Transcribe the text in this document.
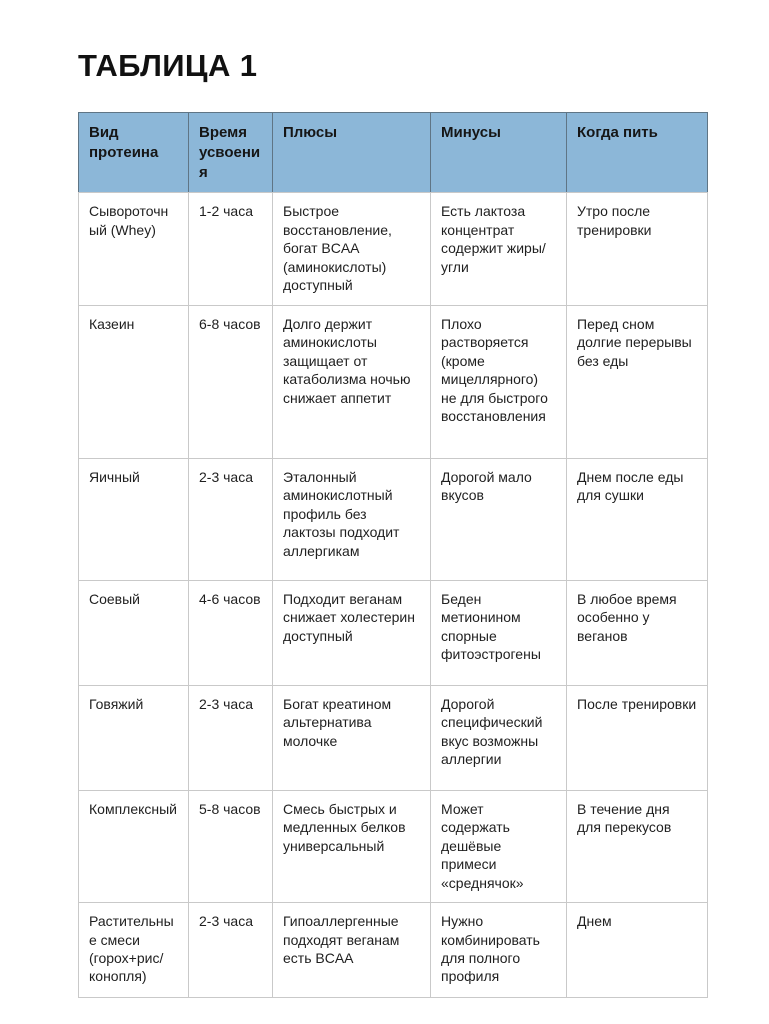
ТАБЛИЦА 1
Вид протеина	Время усвоения	Плюсы	Минусы	Когда пить
Сывороточный (Whey)	1-2 часа	Быстрое восстановление, богат BCAA (аминокислоты) доступный	Есть лактоза концентрат содержит жиры/угли	Утро после тренировки
Казеин	6-8 часов	Долго держит аминокислоты защищает от катаболизма ночью снижает аппетит	Плохо растворяется (кроме мицеллярного) не для быстрого восстановления	Перед сном долгие перерывы без еды
Яичный	2-3 часа	Эталонный аминокислотный профиль без лактозы подходит аллергикам	Дорогой мало вкусов	Днем после еды для сушки
Соевый	4-6 часов	Подходит веганам снижает холестерин доступный	Беден метионином спорные фитоэстрогены	В любое время особенно у веганов
Говяжий	2-3 часа	Богат креатином альтернатива молочке	Дорогой специфический вкус возможны аллергии	После тренировки
Комплексный	5-8 часов	Смесь быстрых и медленных белков универсальный	Может содержать дешёвые примеси «среднячок»	В течение дня для перекусов
Растительные смеси (горох+рис/конопля)	2-3 часа	Гипоаллергенные подходят веганам есть BCAA	Нужно комбинировать для полного профиля	Днем
